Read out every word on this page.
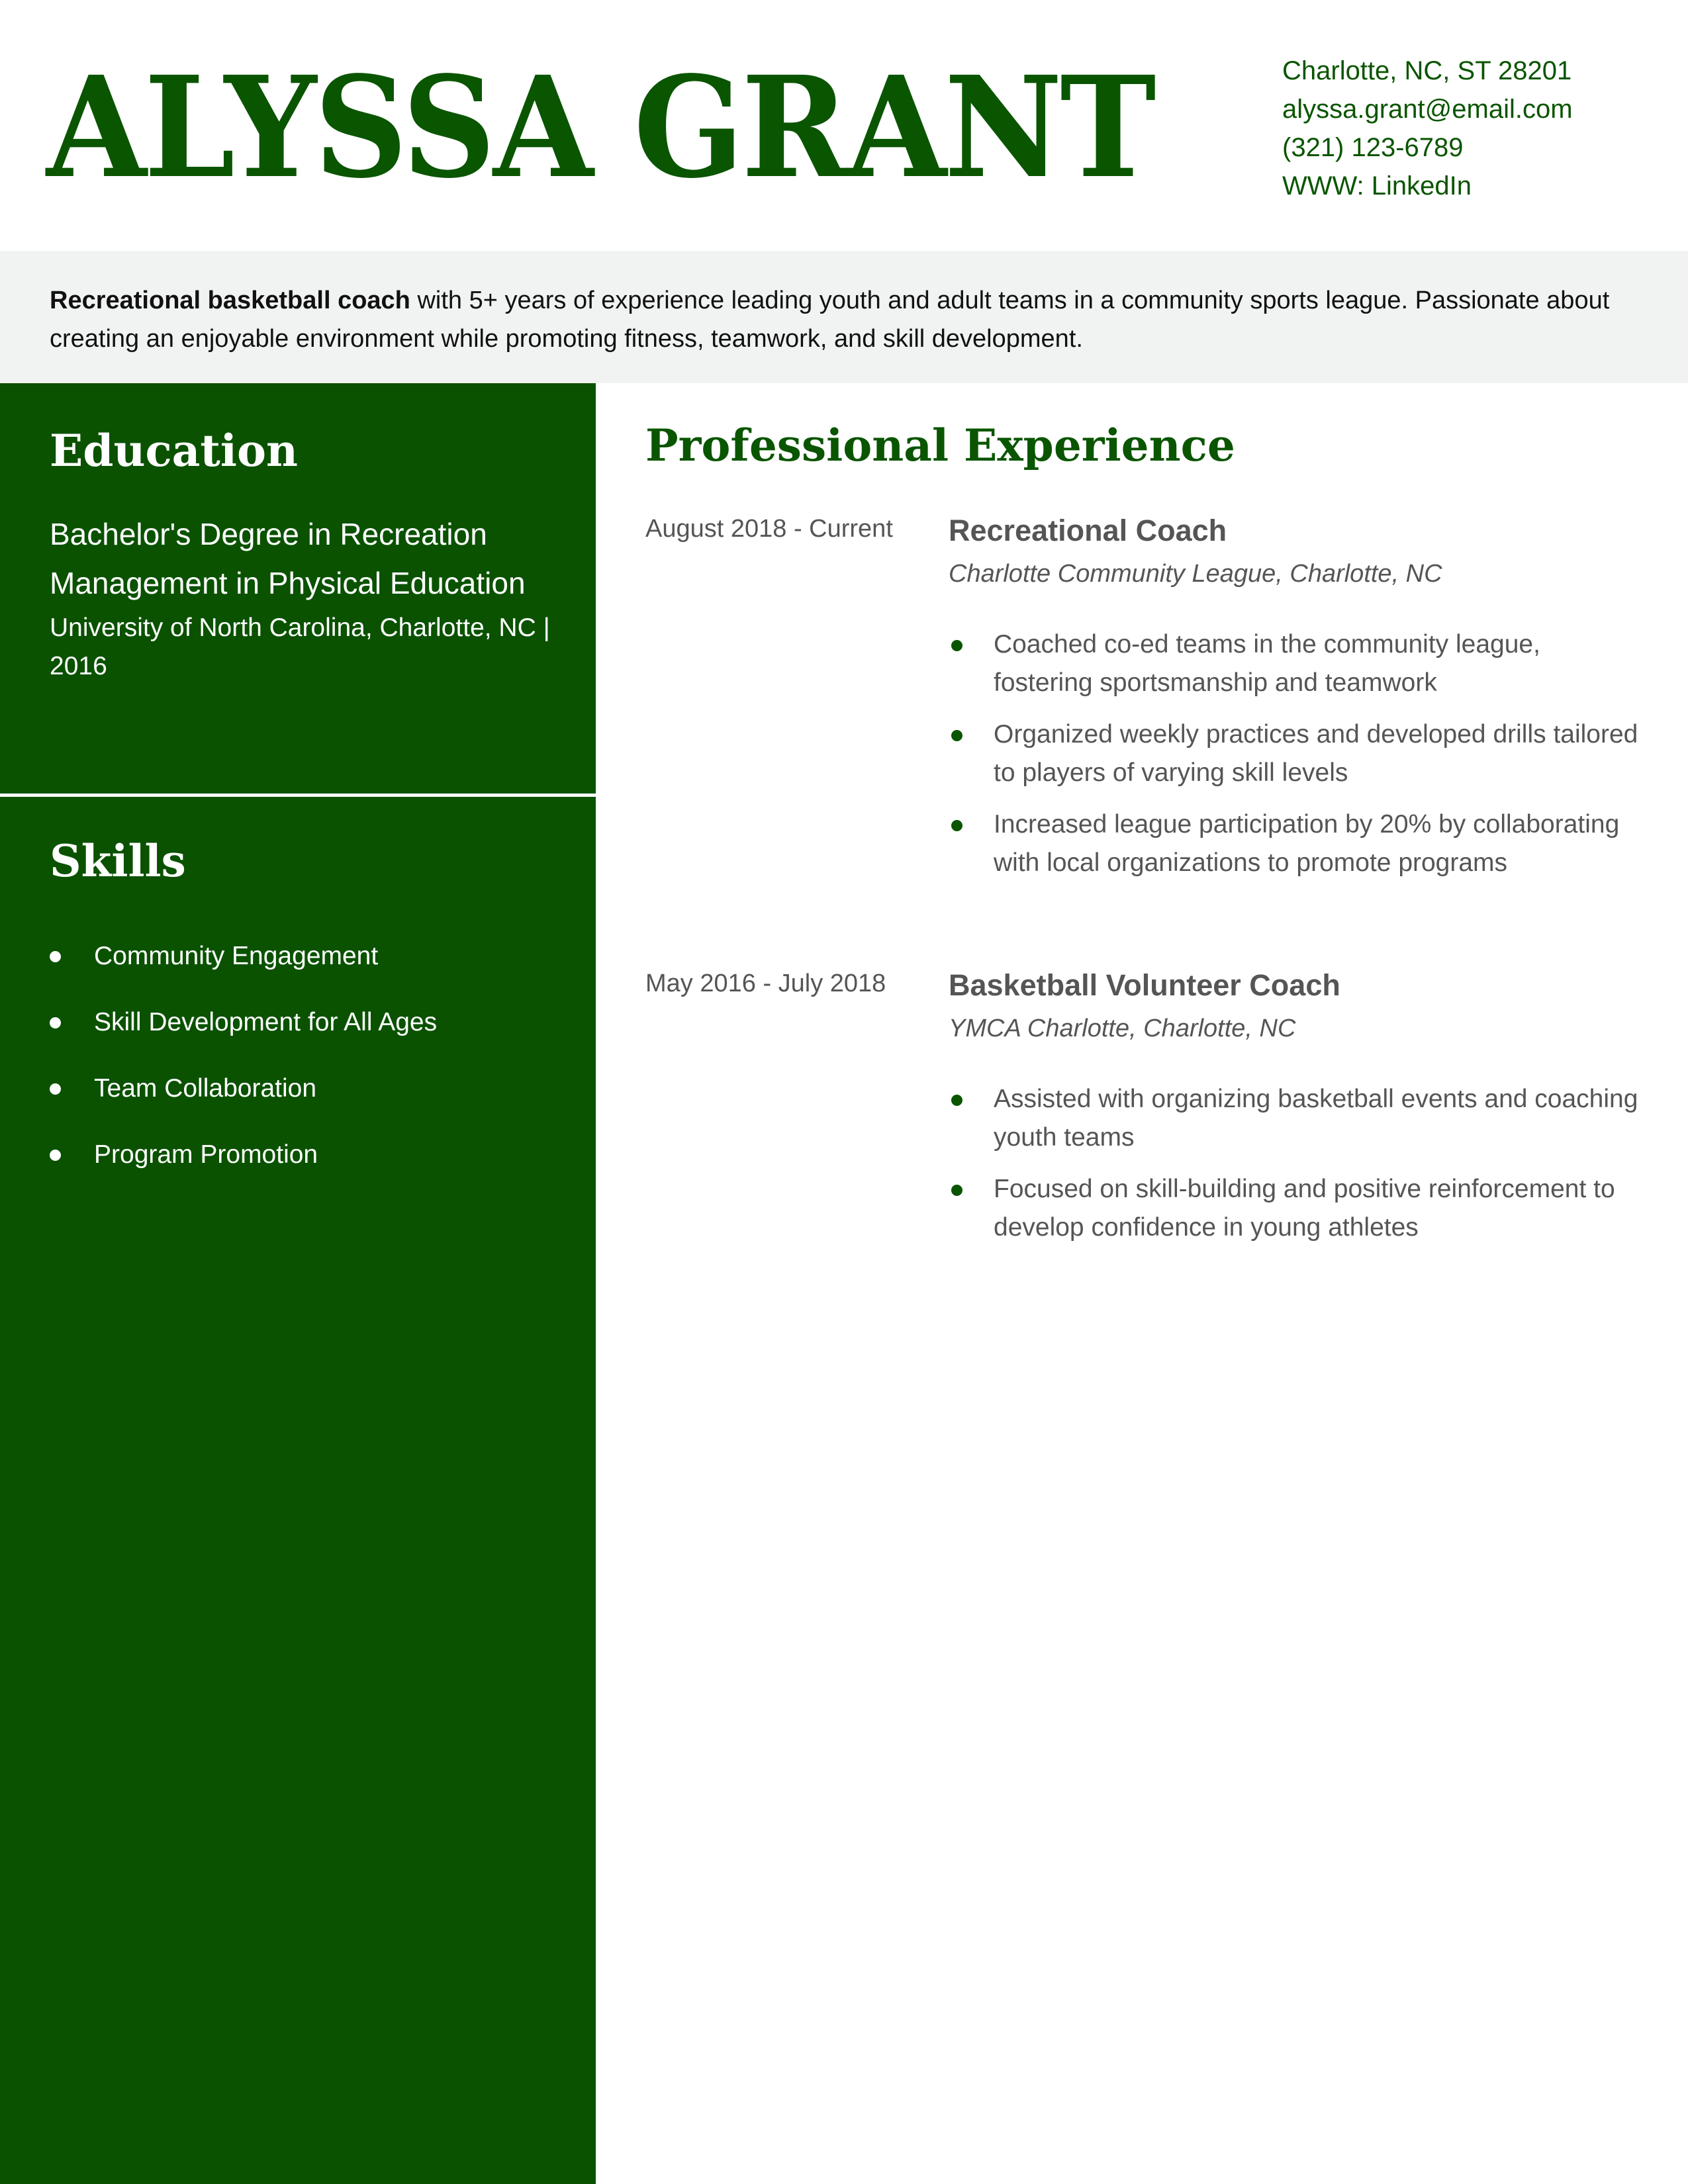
ALYSSA GRANT	Charlotte, NC, ST 28201
alyssa.grant@email.com
(321) 123-6789
WWW: LinkedIn

Recreational basketball coach with 5+ years of experience leading youth and adult teams in a community sports league. Passionate about creating an enjoyable environment while promoting fitness, teamwork, and skill development.

Education
Bachelor's Degree in Recreation Management in Physical Education
University of North Carolina, Charlotte, NC | 2016
Skills
Community Engagement
Skill Development for All Ages
Team Collaboration
Program Promotion
Professional Experience
August 2018 - Current Recreational Coach
Charlotte Community League, Charlotte, NC
Coached co-ed teams in the community league, fostering sportsmanship and teamwork
Organized weekly practices and developed drills tailored to players of varying skill levels
Increased league participation by 20% by collaborating with local organizations to promote programs
May 2016 - July 2018 Basketball Volunteer Coach
YMCA Charlotte, Charlotte, NC
Assisted with organizing basketball events and coaching youth teams
Focused on skill-building and positive reinforcement to develop confidence in young athletes
